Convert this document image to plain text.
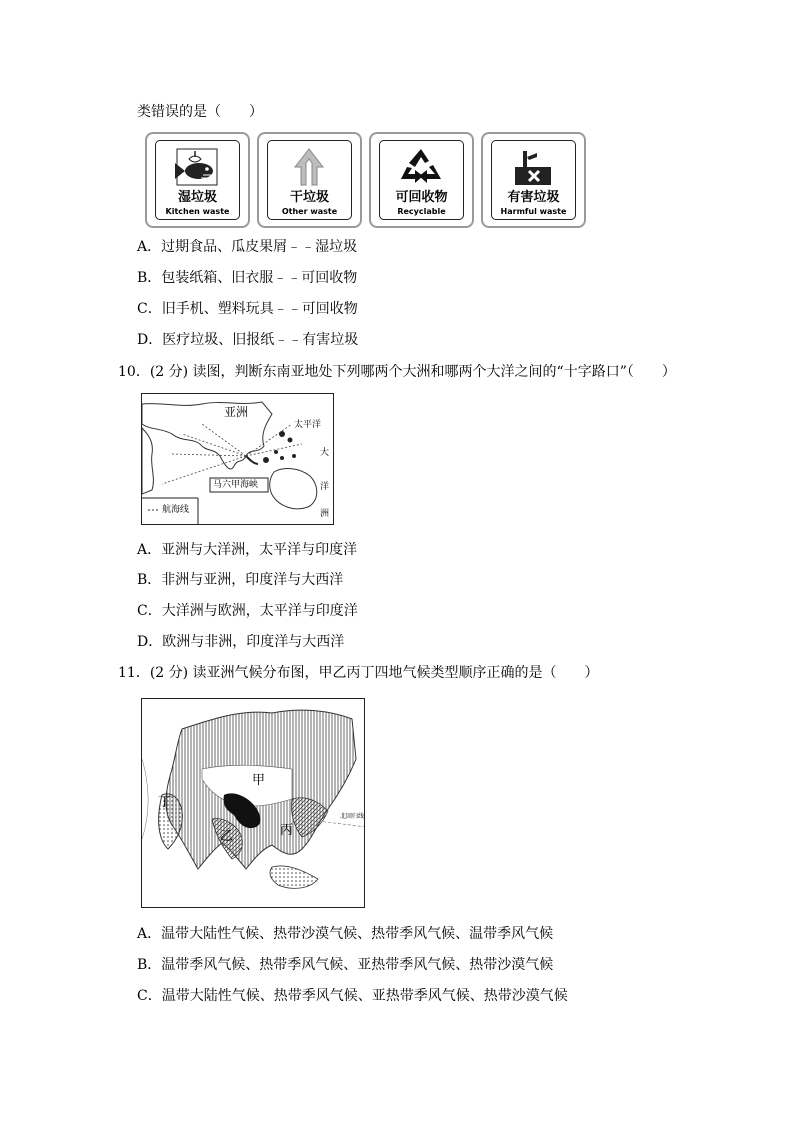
类错误的是（　　）
湿垃圾
Kitchen waste
干垃圾
Other waste
可回收物
Recyclable
有害垃圾
Harmful waste
A．过期食品、瓜皮果屑﹣﹣湿垃圾
B．包装纸箱、旧衣服﹣﹣可回收物
C．旧手机、塑料玩具﹣﹣可回收物
D．医疗垃圾、旧报纸﹣﹣有害垃圾
10．(2 分) 读图，判断东南亚地处下列哪两个大洲和哪两个大洋之间的“十字路口”（　　）
亚洲
太平洋
大
洋
洲
马六甲海峡
航海线
A．亚洲与大洋洲，太平洋与印度洋
B．非洲与亚洲，印度洋与大西洋
C．大洋洲与欧洲，太平洋与印度洋
D．欧洲与非洲，印度洋与大西洋
11．(2 分) 读亚洲气候分布图，甲乙丙丁四地气候类型顺序正确的是（　　）
甲
乙	丙
丁
北回归线
A．温带大陆性气候、热带沙漠气候、热带季风气候、温带季风气候
B．温带季风气候、热带季风气候、亚热带季风气候、热带沙漠气候
C．温带大陆性气候、热带季风气候、亚热带季风气候、热带沙漠气候
